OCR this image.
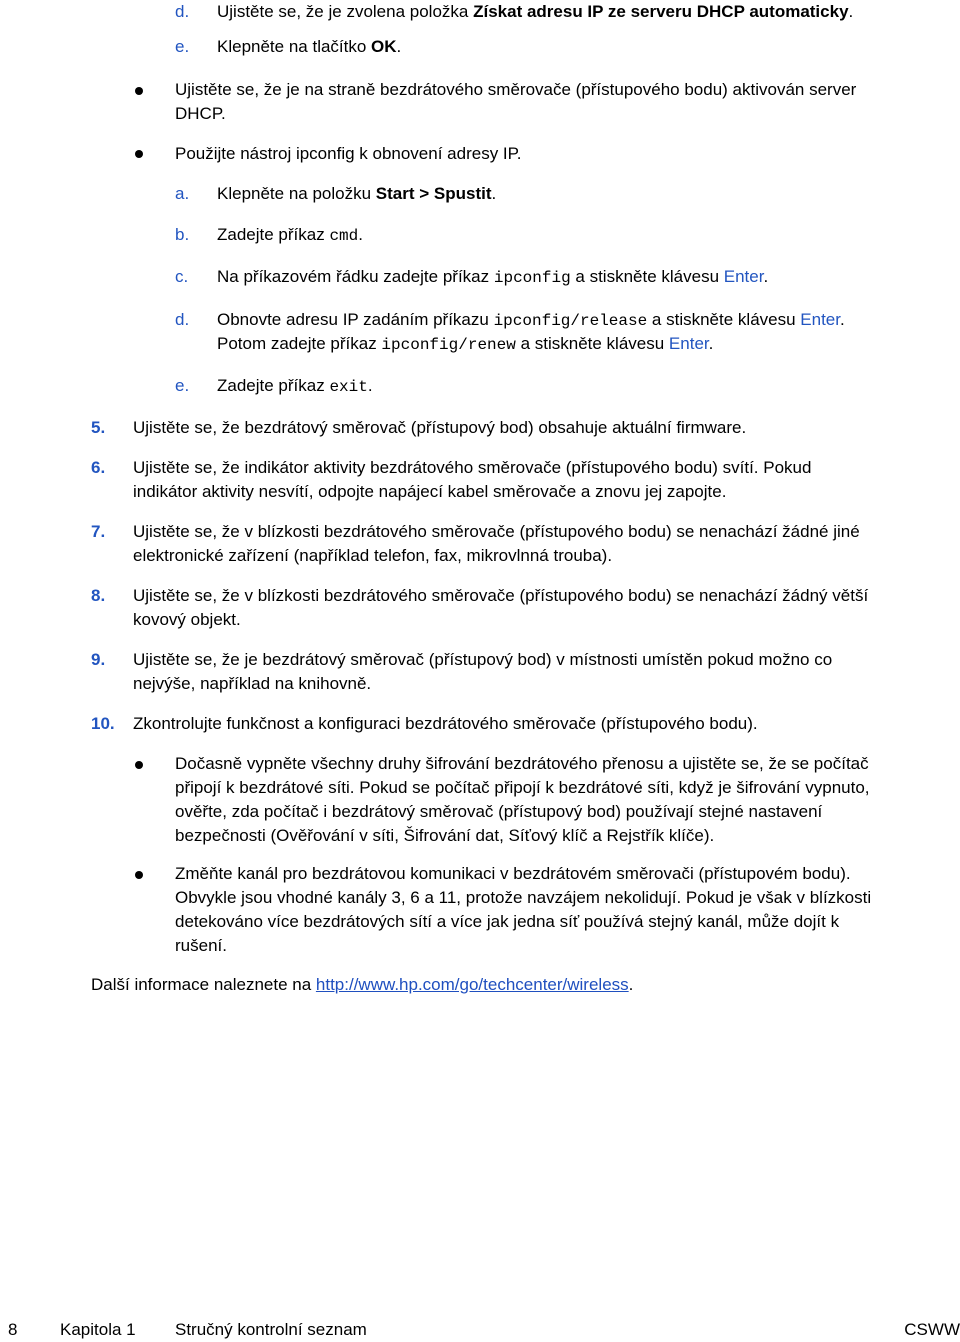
d. Ujistěte se, že je zvolena položka Získat adresu IP ze serveru DHCP automaticky.
e. Klepněte na tlačítko OK.
Ujistěte se, že je na straně bezdrátového směrovače (přístupového bodu) aktivován server
DHCP.
Použijte nástroj ipconfig k obnovení adresy IP.
a. Klepněte na položku Start > Spustit.
b. Zadejte příkaz cmd.
c. Na příkazovém řádku zadejte příkaz ipconfig a stiskněte klávesu Enter.
d. Obnovte adresu IP zadáním příkazu ipconfig/release a stiskněte klávesu Enter.
Potom zadejte příkaz ipconfig/renew a stiskněte klávesu Enter.
e. Zadejte příkaz exit.
5. Ujistěte se, že bezdrátový směrovač (přístupový bod) obsahuje aktuální firmware.
6. Ujistěte se, že indikátor aktivity bezdrátového směrovače (přístupového bodu) svítí. Pokud
indikátor aktivity nesvítí, odpojte napájecí kabel směrovače a znovu jej zapojte.
7. Ujistěte se, že v blízkosti bezdrátového směrovače (přístupového bodu) se nenachází žádné jiné
elektronické zařízení (například telefon, fax, mikrovlnná trouba).
8. Ujistěte se, že v blízkosti bezdrátového směrovače (přístupového bodu) se nenachází žádný větší
kovový objekt.
9. Ujistěte se, že je bezdrátový směrovač (přístupový bod) v místnosti umístěn pokud možno co
nejvýše, například na knihovně.
10. Zkontrolujte funkčnost a konfiguraci bezdrátového směrovače (přístupového bodu).
Dočasně vypněte všechny druhy šifrování bezdrátového přenosu a ujistěte se, že se počítač
připojí k bezdrátové síti. Pokud se počítač připojí k bezdrátové síti, když je šifrování vypnuto,
ověřte, zda počítač i bezdrátový směrovač (přístupový bod) používají stejné nastavení
bezpečnosti (Ověřování v síti, Šifrování dat, Síťový klíč a Rejstřík klíče).
Změňte kanál pro bezdrátovou komunikaci v bezdrátovém směrovači (přístupovém bodu).
Obvykle jsou vhodné kanály 3, 6 a 11, protože navzájem nekolidují. Pokud je však v blízkosti
detekováno více bezdrátových sítí a více jak jedna síť používá stejný kanál, může dojít k
rušení.
Další informace naleznete na http://www.hp.com/go/techcenter/wireless.
8	Kapitola 1 Stručný kontrolní seznam	CSWW
